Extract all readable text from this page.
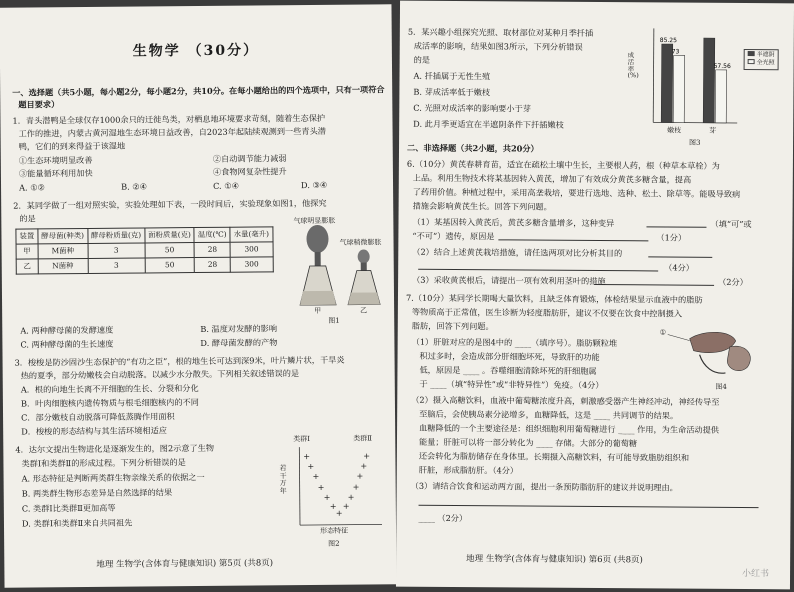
生物学 （30分）
一、选择题（共5小题，每小题2分，每小题2分，共10分。在每小题给出的四个选项中，只有一项符合
题目要求）
1．青头潜鸭是全球仅存1000余只的迁徙鸟类，对栖息地环境要求苛刻，随着生态保护
工作的推进，内蒙古黄河湿地生态环境日益改善，自2023年起陆续观测到一些青头潜
鸭，它们的到来得益于该湿地
①生态环境明显改善	②自动调节能力减弱
③能量循环利用加快	④食物网复杂性提升
A. ①②	B. ②④	C. ①④	D. ③④
2．某同学做了一组对照实验，实验处理如下表，一段时间后，实验现象如图1，他探究
的是
装置	酵母菌(种类)	酵母粉质量(克)	面粉质量(克)	温度(℃)	水量(毫升)
甲	M菌种	3	50	28	300
乙	N菌种	3	50	28	300
气球明显膨胀
气球稍微膨胀
甲	乙
图1
A. 两种酵母菌的发酵速度	B. 温度对发酵的影响
C. 两种酵母菌的生长速度	D. 酵母菌发酵的产物
3．梭梭是防沙固沙生态保护的“有功之臣”，根的地生长可达到深9米，叶片鳞片状，干旱炎
热的夏季，部分幼嫩枝会自动脱落。以减少水分散失。下列相关叙述错误的是
A．根的向地生长离不开细胞的生长、分裂和分化
B．叶肉细胞核内遗传物质与根毛细胞核内的不同
C．部分嫩枝自动脱落可降低蒸腾作用面积
D．梭梭的形态结构与其生活环境相适应
4．达尔文提出生物进化是逐渐发生的，图2示意了生物
类群Ⅰ和类群Ⅱ的形成过程。下列分析错误的是
A. 形态特征是判断两类群生物亲缘关系的依据之一
B. 两类群生物形态差异是自然选择的结果
C. 类群Ⅰ比类群Ⅱ更加高等
D. 类群Ⅰ和类群Ⅱ来自共同祖先
+
+
+
+
+
+
+
+
+
+
+
+
+
类群Ⅰ	类群Ⅱ
若干万年
形态特征
图2
地理 生物学(含体育与健康知识) 第5页 (共8页)
5．某兴趣小组探究光照、取材部位对某种月季扦插
成活率的影响，结果如图3所示，下列分析错误
的是
A. 扦插属于无性生殖
B. 芽成活率低于嫩枝
C. 光照对成活率的影响要小于芽
D. 此月季更适宜在半遮阴条件下扦插嫩枝
85.25
73
57.56
成活率(%)
嫩枝	芽
半遮阴
全光照
图3
二、非选择题（共2小题，共20分）
6.（10分）黄芪春耕育苗，适宜在疏松土壤中生长，主要根人药，根（种草本草栓）为
上品。利用生物技术将某基因转入黄芪，增加了有效成分黄芪多糖含量，提高
了药用价值。种植过程中，采用高垄栽培，要进行选地、选种、松土、除草等。能吸导致病
措施会影响黄芪生长。回答下列问题。
（1）某基因转入黄芪后，黄芪多糖含量增多，这种变异	（填“可”或
“不可”）遗传，原因是	（1分）
（2）结合上述黄芪栽培措施，请任选两项对比分析其目的
（4分）
（3）采收黄芪根后，请提出一项有效利用茎叶的措施	（2分）
7.（10分）某同学长期喝大量饮料，且缺乏体育锻炼，体检结果显示血液中的脂肪
等物质高于正常值，医生诊断为轻度脂肪肝，建议不仅要在饮食中控制摄入
脂肪，回答下列问题。
（1）肝脏对应的是图4中的 ____（填序号）。脂肪颗粒堆
积过多时，会造成部分肝细胞坏死，导致肝的功能
低，原因是 ____ 。吞噬细胞清除坏死的肝细胞属
于 ____（填“特异性”或“非特异性”）免疫。（4分）
①
图4
（2）摄入高糖饮料，血液中葡萄糖浓度升高，刺激感受器产生神经冲动，神经传导至
至脑后，会使胰岛素分泌增多，血糖降低，这是 ____ 共同调节的结果。
血糖降低的一个主要途径是：组织细胞利用葡萄糖进行 ____ 作用，为生命活动提供
能量；肝脏可以将一部分转化为 ____ 存储。大部分的葡萄糖
还会转化为脂肪储存在身体里。长期摄入高糖饮料，有可能导致脂肪组织和
肝脏，形成脂肪肝。（4分）
（3）请结合饮食和运动两方面，提出一条预防脂肪肝的建议并说明理由。
____ （2分）
地理 生物学(含体育与健康知识) 第6页 (共8页)
小红书
